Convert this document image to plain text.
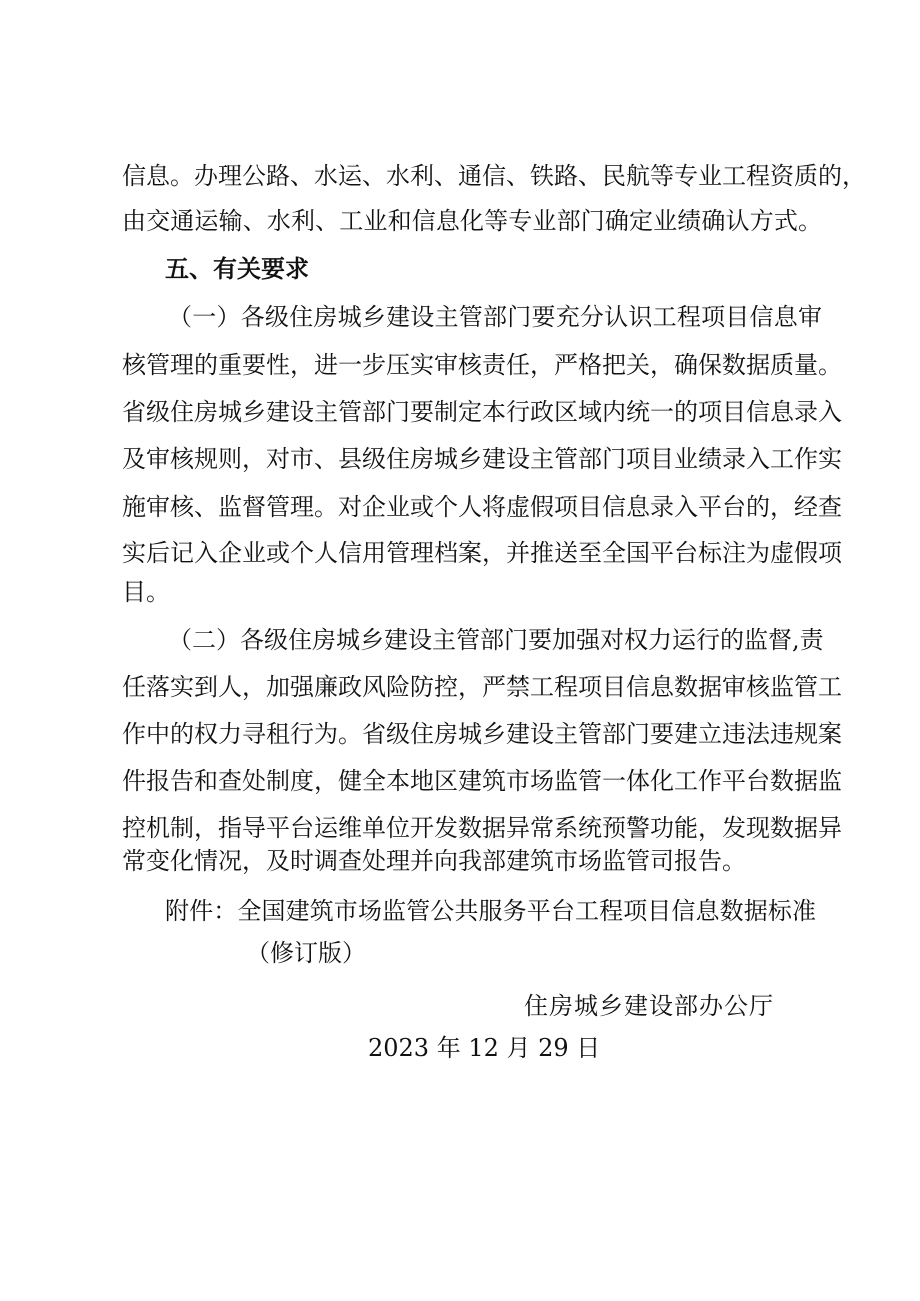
信息。办理公路、水运、水利、通信、铁路、民航等专业工程资质的，

由交通运输、水利、工业和信息化等专业部门确定业绩确认方式。

五、有关要求

（一）各级住房城乡建设主管部门要充分认识工程项目信息审

核管理的重要性，进一步压实审核责任，严格把关，确保数据质量。

省级住房城乡建设主管部门要制定本行政区域内统一的项目信息录入

及审核规则，对市、县级住房城乡建设主管部门项目业绩录入工作实

施审核、监督管理。对企业或个人将虚假项目信息录入平台的，经查

实后记入企业或个人信用管理档案，并推送至全国平台标注为虚假项

目。

（二）各级住房城乡建设主管部门要加强对权力运行的监督,责

任落实到人，加强廉政风险防控，严禁工程项目信息数据审核监管工

作中的权力寻租行为。省级住房城乡建设主管部门要建立违法违规案

件报告和查处制度，健全本地区建筑市场监管一体化工作平台数据监

控机制，指导平台运维单位开发数据异常系统预警功能，发现数据异

常变化情况，及时调查处理并向我部建筑市场监管司报告。

附件：全国建筑市场监管公共服务平台工程项目信息数据标准

（修订版）

住房城乡建设部办公厅

2023 年 12 月 29 日
